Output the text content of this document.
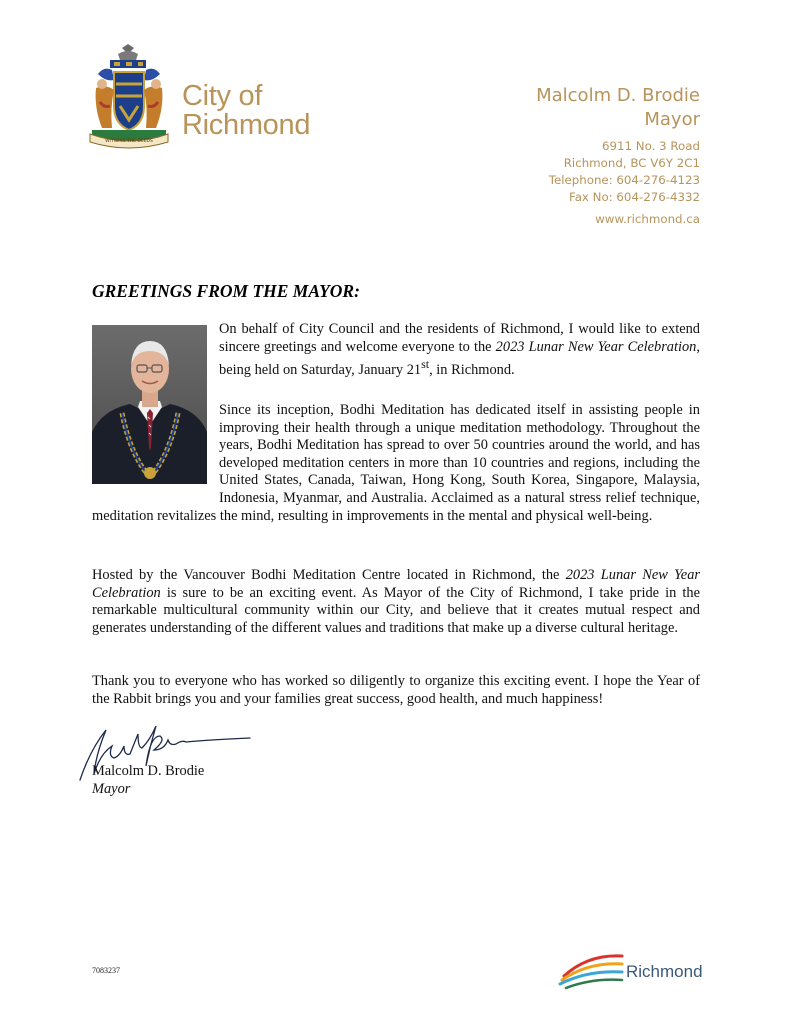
WITNESS THE DEEDS
City of
Richmond
Malcolm D. Brodie
Mayor
6911 No. 3 Road
Richmond, BC V6Y 2C1
Telephone: 604-276-4123
Fax No: 604-276-4332
www.richmond.ca
GREETINGS FROM THE MAYOR:
On behalf of City Council and the residents of Richmond, I would like to extend sincere greetings and welcome everyone to the 2023 Lunar New Year Celebration, being held on Saturday, January 21st, in Richmond.
Since its inception, Bodhi Meditation has dedicated itself in assisting people in improving their health through a unique meditation methodology. Throughout the years, Bodhi Meditation has spread to over 50 countries around the world, and has developed meditation centers in more than 10 countries and regions, including the United States, Canada, Taiwan, Hong Kong, South Korea, Singapore, Malaysia, Indonesia, Myanmar, and Australia. Acclaimed as a natural stress relief technique, meditation revitalizes the mind, resulting in improvements in the mental and physical well-being.
Hosted by the Vancouver Bodhi Meditation Centre located in Richmond, the 2023 Lunar New Year Celebration is sure to be an exciting event. As Mayor of the City of Richmond, I take pride in the remarkable multicultural community within our City, and believe that it creates mutual respect and generates understanding of the different values and traditions that make up a diverse cultural heritage.
Thank you to everyone who has worked so diligently to organize this exciting event. I hope the Year of the Rabbit brings you and your families great success, good health, and much happiness!
Malcolm D. Brodie
Mayor
7083237	Richmond
